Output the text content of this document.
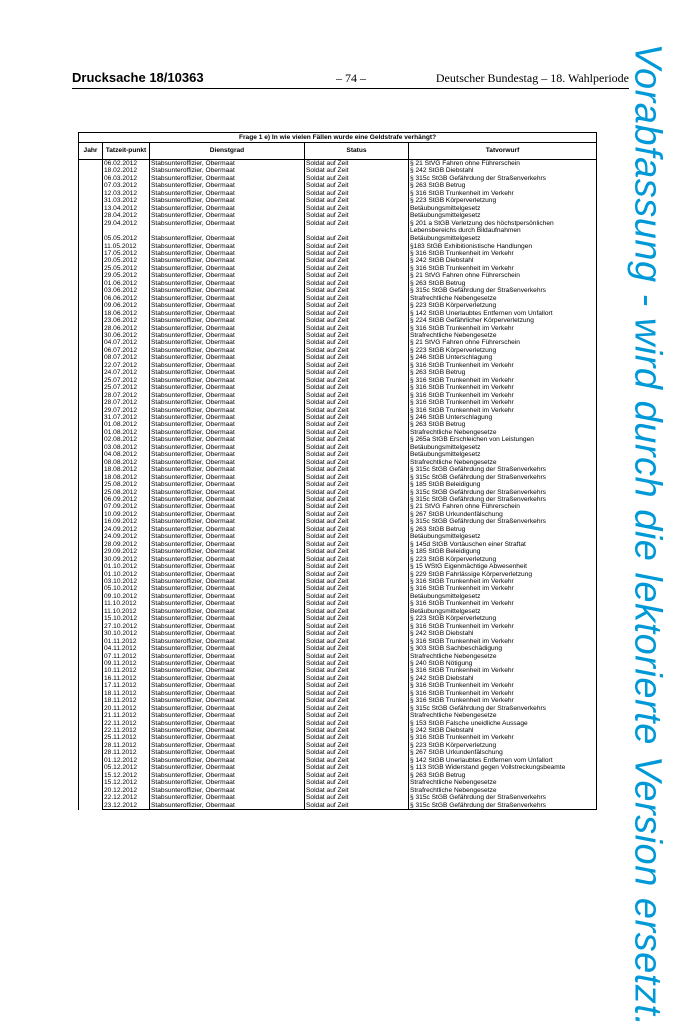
Drucksache 18/10363	– 74 –	Deutscher Bundestag – 18. Wahlperiode
Frage 1 e) In wie vielen Fällen wurde eine Geldstrafe verhängt?				
Jahr	Tatzeit-punkt	Dienstgrad	Status	Tatvorwurf
	06.02.2012	Stabsunteroffizier, Obermaat	Soldat auf Zeit	§ 21 StVG Fahren ohne Führerschein
	18.02.2012	Stabsunteroffizier, Obermaat	Soldat auf Zeit	§ 242 StGB Diebstahl
	06.03.2012	Stabsunteroffizier, Obermaat	Soldat auf Zeit	§ 315c StGB Gefährdung der Straßenverkehrs
	07.03.2012	Stabsunteroffizier, Obermaat	Soldat auf Zeit	§ 263 StGB Betrug
	12.03.2012	Stabsunteroffizier, Obermaat	Soldat auf Zeit	§ 316 StGB Trunkenheit im Verkehr
	31.03.2012	Stabsunteroffizier, Obermaat	Soldat auf Zeit	§ 223 StGB Körperverletzung
	13.04.2012	Stabsunteroffizier, Obermaat	Soldat auf Zeit	Betäubungsmittelgesetz
	28.04.2012	Stabsunteroffizier, Obermaat	Soldat auf Zeit	Betäubungsmittelgesetz
	29.04.2012	Stabsunteroffizier, Obermaat	Soldat auf Zeit	§ 201 a StGB Verletzung des höchstpersönlichen Lebensbereichs durch Bildaufnahmen
	05.05.2012	Stabsunteroffizier, Obermaat	Soldat auf Zeit	Betäubungsmittelgesetz
	11.05.2012	Stabsunteroffizier, Obermaat	Soldat auf Zeit	§183 StGB Exhibitionistische Handlungen
	17.05.2012	Stabsunteroffizier, Obermaat	Soldat auf Zeit	§ 316 StGB Trunkenheit im Verkehr
	20.05.2012	Stabsunteroffizier, Obermaat	Soldat auf Zeit	§ 242 StGB Diebstahl
	25.05.2012	Stabsunteroffizier, Obermaat	Soldat auf Zeit	§ 316 StGB Trunkenheit im Verkehr
	29.05.2012	Stabsunteroffizier, Obermaat	Soldat auf Zeit	§ 21 StVG Fahren ohne Führerschein
	01.06.2012	Stabsunteroffizier, Obermaat	Soldat auf Zeit	§ 263 StGB Betrug
	03.06.2012	Stabsunteroffizier, Obermaat	Soldat auf Zeit	§ 315c StGB Gefährdung der Straßenverkehrs
	06.06.2012	Stabsunteroffizier, Obermaat	Soldat auf Zeit	Strafrechtliche Nebengesetze
	09.06.2012	Stabsunteroffizier, Obermaat	Soldat auf Zeit	§ 223 StGB Körperverletzung
	18.06.2012	Stabsunteroffizier, Obermaat	Soldat auf Zeit	§ 142 StGB Unerlaubtes Entfernen vom Unfallort
	23.06.2012	Stabsunteroffizier, Obermaat	Soldat auf Zeit	§ 224 StGB Gefährlicher Körperverletzung
	28.06.2012	Stabsunteroffizier, Obermaat	Soldat auf Zeit	§ 316 StGB Trunkenheit im Verkehr
	30.06.2012	Stabsunteroffizier, Obermaat	Soldat auf Zeit	Strafrechtliche Nebengesetze
	04.07.2012	Stabsunteroffizier, Obermaat	Soldat auf Zeit	§ 21 StVG Fahren ohne Führerschein
	06.07.2012	Stabsunteroffizier, Obermaat	Soldat auf Zeit	§ 223 StGB Körperverletzung
	08.07.2012	Stabsunteroffizier, Obermaat	Soldat auf Zeit	§ 246 StGB Unterschlagung
	22.07.2012	Stabsunteroffizier, Obermaat	Soldat auf Zeit	§ 316 StGB Trunkenheit im Verkehr
	24.07.2012	Stabsunteroffizier, Obermaat	Soldat auf Zeit	§ 263 StGB Betrug
	25.07.2012	Stabsunteroffizier, Obermaat	Soldat auf Zeit	§ 316 StGB Trunkenheit im Verkehr
	25.07.2012	Stabsunteroffizier, Obermaat	Soldat auf Zeit	§ 316 StGB Trunkenheit im Verkehr
	28.07.2012	Stabsunteroffizier, Obermaat	Soldat auf Zeit	§ 316 StGB Trunkenheit im Verkehr
	28.07.2012	Stabsunteroffizier, Obermaat	Soldat auf Zeit	§ 316 StGB Trunkenheit im Verkehr
	29.07.2012	Stabsunteroffizier, Obermaat	Soldat auf Zeit	§ 316 StGB Trunkenheit im Verkehr
	31.07.2012	Stabsunteroffizier, Obermaat	Soldat auf Zeit	§ 246 StGB Unterschlagung
	01.08.2012	Stabsunteroffizier, Obermaat	Soldat auf Zeit	§ 263 StGB Betrug
	01.08.2012	Stabsunteroffizier, Obermaat	Soldat auf Zeit	Strafrechtliche Nebengesetze
	02.08.2012	Stabsunteroffizier, Obermaat	Soldat auf Zeit	§ 265a StGB Erschleichen von Leistungen
	03.08.2012	Stabsunteroffizier, Obermaat	Soldat auf Zeit	Betäubungsmittelgesetz
	04.08.2012	Stabsunteroffizier, Obermaat	Soldat auf Zeit	Betäubungsmittelgesetz
	08.08.2012	Stabsunteroffizier, Obermaat	Soldat auf Zeit	Strafrechtliche Nebengesetze
	18.08.2012	Stabsunteroffizier, Obermaat	Soldat auf Zeit	§ 315c StGB Gefährdung der Straßenverkehrs
	18.08.2012	Stabsunteroffizier, Obermaat	Soldat auf Zeit	§ 315c StGB Gefährdung der Straßenverkehrs
	25.08.2012	Stabsunteroffizier, Obermaat	Soldat auf Zeit	§ 185 StGB Beleidigung
	25.08.2012	Stabsunteroffizier, Obermaat	Soldat auf Zeit	§ 315c StGB Gefährdung der Straßenverkehrs
	06.09.2012	Stabsunteroffizier, Obermaat	Soldat auf Zeit	§ 315c StGB Gefährdung der Straßenverkehrs
	07.09.2012	Stabsunteroffizier, Obermaat	Soldat auf Zeit	§ 21 StVG Fahren ohne Führerschein
	10.09.2012	Stabsunteroffizier, Obermaat	Soldat auf Zeit	§ 267 StGB Urkundenfälschung
	16.09.2012	Stabsunteroffizier, Obermaat	Soldat auf Zeit	§ 315c StGB Gefährdung der Straßenverkehrs
	24.09.2012	Stabsunteroffizier, Obermaat	Soldat auf Zeit	§ 263 StGB Betrug
	24.09.2012	Stabsunteroffizier, Obermaat	Soldat auf Zeit	Betäubungsmittelgesetz
	28.09.2012	Stabsunteroffizier, Obermaat	Soldat auf Zeit	§ 145d StGB Vortäuschen einer Straftat
	29.09.2012	Stabsunteroffizier, Obermaat	Soldat auf Zeit	§ 185 StGB Beleidigung
	30.09.2012	Stabsunteroffizier, Obermaat	Soldat auf Zeit	§ 223 StGB Körperverletzung
	01.10.2012	Stabsunteroffizier, Obermaat	Soldat auf Zeit	§ 15 WStG Eigenmächtige Abwesenheit
	01.10.2012	Stabsunteroffizier, Obermaat	Soldat auf Zeit	§ 229 StGB Fahrlässige Körperverletzung
	03.10.2012	Stabsunteroffizier, Obermaat	Soldat auf Zeit	§ 316 StGB Trunkenheit im Verkehr
	05.10.2012	Stabsunteroffizier, Obermaat	Soldat auf Zeit	§ 316 StGB Trunkenheit im Verkehr
	09.10.2012	Stabsunteroffizier, Obermaat	Soldat auf Zeit	Betäubungsmittelgesetz
	11.10.2012	Stabsunteroffizier, Obermaat	Soldat auf Zeit	§ 316 StGB Trunkenheit im Verkehr
	11.10.2012	Stabsunteroffizier, Obermaat	Soldat auf Zeit	Betäubungsmittelgesetz
	15.10.2012	Stabsunteroffizier, Obermaat	Soldat auf Zeit	§ 223 StGB Körperverletzung
	27.10.2012	Stabsunteroffizier, Obermaat	Soldat auf Zeit	§ 316 StGB Trunkenheit im Verkehr
	30.10.2012	Stabsunteroffizier, Obermaat	Soldat auf Zeit	§ 242 StGB Diebstahl
	01.11.2012	Stabsunteroffizier, Obermaat	Soldat auf Zeit	§ 316 StGB Trunkenheit im Verkehr
	04.11.2012	Stabsunteroffizier, Obermaat	Soldat auf Zeit	§ 303 StGB Sachbeschädigung
	07.11.2012	Stabsunteroffizier, Obermaat	Soldat auf Zeit	Strafrechtliche Nebengesetze
	09.11.2012	Stabsunteroffizier, Obermaat	Soldat auf Zeit	§ 240 StGB Nötigung
	10.11.2012	Stabsunteroffizier, Obermaat	Soldat auf Zeit	§ 316 StGB Trunkenheit im Verkehr
	16.11.2012	Stabsunteroffizier, Obermaat	Soldat auf Zeit	§ 242 StGB Diebstahl
	17.11.2012	Stabsunteroffizier, Obermaat	Soldat auf Zeit	§ 316 StGB Trunkenheit im Verkehr
	18.11.2012	Stabsunteroffizier, Obermaat	Soldat auf Zeit	§ 316 StGB Trunkenheit im Verkehr
	18.11.2012	Stabsunteroffizier, Obermaat	Soldat auf Zeit	§ 316 StGB Trunkenheit im Verkehr
	20.11.2012	Stabsunteroffizier, Obermaat	Soldat auf Zeit	§ 315c StGB Gefährdung der Straßenverkehrs
	21.11.2012	Stabsunteroffizier, Obermaat	Soldat auf Zeit	Strafrechtliche Nebengesetze
	22.11.2012	Stabsunteroffizier, Obermaat	Soldat auf Zeit	§ 153 StGB Falsche uneidliche Aussage
	22.11.2012	Stabsunteroffizier, Obermaat	Soldat auf Zeit	§ 242 StGB Diebstahl
	25.11.2012	Stabsunteroffizier, Obermaat	Soldat auf Zeit	§ 316 StGB Trunkenheit im Verkehr
	28.11.2012	Stabsunteroffizier, Obermaat	Soldat auf Zeit	§ 223 StGB Körperverletzung
	28.11.2012	Stabsunteroffizier, Obermaat	Soldat auf Zeit	§ 267 StGB Urkundenfälschung
	01.12.2012	Stabsunteroffizier, Obermaat	Soldat auf Zeit	§ 142 StGB Unerlaubtes Entfernen vom Unfallort
	05.12.2012	Stabsunteroffizier, Obermaat	Soldat auf Zeit	§ 113 StGB Widerstand gegen Vollstreckungsbeamte
	15.12.2012	Stabsunteroffizier, Obermaat	Soldat auf Zeit	§ 263 StGB Betrug
	15.12.2012	Stabsunteroffizier, Obermaat	Soldat auf Zeit	Strafrechtliche Nebengesetze
	20.12.2012	Stabsunteroffizier, Obermaat	Soldat auf Zeit	Strafrechtliche Nebengesetze
	22.12.2012	Stabsunteroffizier, Obermaat	Soldat auf Zeit	§ 315c StGB Gefährdung der Straßenverkehrs
	23.12.2012	Stabsunteroffizier, Obermaat	Soldat auf Zeit	§ 315c StGB Gefährdung der Straßenverkehrs Vorabfassung - wird durch die lektorierte Version ersetzt.
